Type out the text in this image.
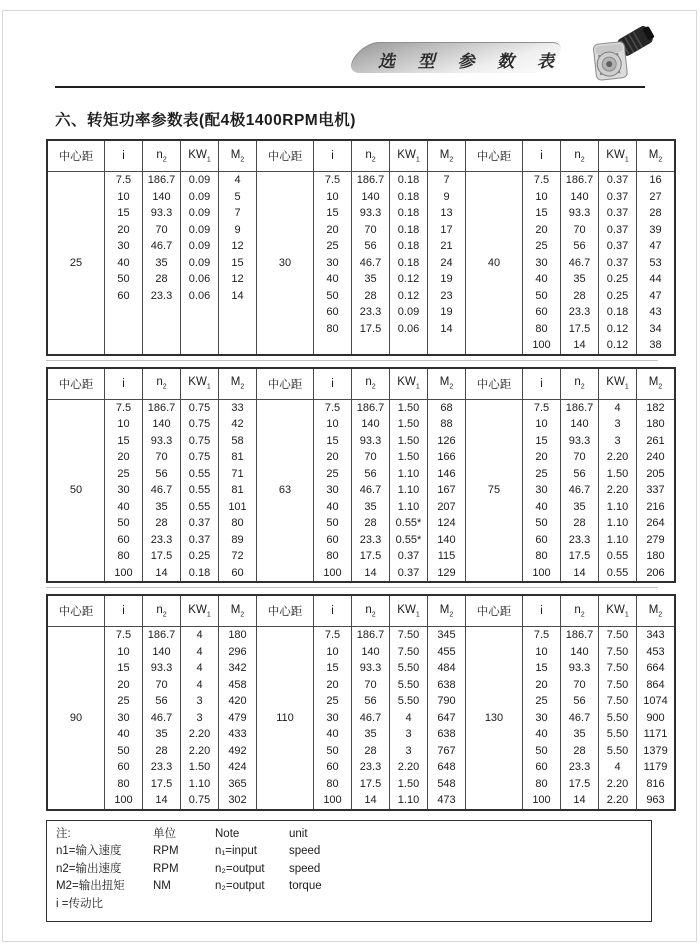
选 型 参 数 表
六、转矩功率参数表(配4极1400RPM电机)
中心距	i	$n_2$	$KW_1$	$M_2$	中心距	i	$n_2$	$KW_1$	$M_2$	中心距	i	$n_2$	$KW_1$	$M_2$
25	7.5	186.7	0.09	4	30	7.5	186.7	0.18	7	40	7.5	186.7	0.37	16
	10	140	0.09	5		10	140	0.18	9		10	140	0.37	27
	15	93.3	0.09	7		15	93.3	0.18	13		15	93.3	0.37	28
	20	70	0.09	9		20	70	0.18	17		20	70	0.37	39
	30	46.7	0.09	12		25	56	0.18	21		25	56	0.37	47
	40	35	0.09	15		30	46.7	0.18	24		30	46.7	0.37	53
	50	28	0.06	12		40	35	0.12	19		40	35	0.25	44
	60	23.3	0.06	14		50	28	0.12	23		50	28	0.25	47
						60	23.3	0.09	19		60	23.3	0.18	43
						80	17.5	0.06	14		80	17.5	0.12	34
											100	14	0.12	38
中心距	i	$n_2$	$KW_1$	$M_2$	中心距	i	$n_2$	$KW_1$	$M_2$	中心距	i	$n_2$	$KW_1$	$M_2$
50	7.5	186.7	0.75	33	63	7.5	186.7	1.50	68	75	7.5	186.7	4	182
	10	140	0.75	42		10	140	1.50	88		10	140	3	180
	15	93.3	0.75	58		15	93.3	1.50	126		15	93.3	3	261
	20	70	0.75	81		20	70	1.50	166		20	70	2.20	240
	25	56	0.55	71		25	56	1.10	146		25	56	1.50	205
	30	46.7	0.55	81		30	46.7	1.10	167		30	46.7	2.20	337
	40	35	0.55	101		40	35	1.10	207		40	35	1.10	216
	50	28	0.37	80		50	28	0.55*	124		50	28	1.10	264
	60	23.3	0.37	89		60	23.3	0.55*	140		60	23.3	1.10	279
	80	17.5	0.25	72		80	17.5	0.37	115		80	17.5	0.55	180
	100	14	0.18	60		100	14	0.37	129		100	14	0.55	206
中心距	i	$n_2$	$KW_1$	$M_2$	中心距	i	$n_2$	$KW_1$	$M_2$	中心距	i	$n_2$	$KW_1$	$M_2$
90	7.5	186.7	4	180	110	7.5	186.7	7.50	345	130	7.5	186.7	7.50	343
	10	140	4	296		10	140	7.50	455		10	140	7.50	453
	15	93.3	4	342		15	93.3	5.50	484		15	93.3	7.50	664
	20	70	4	458		20	70	5.50	638		20	70	7.50	864
	25	56	3	420		25	56	5.50	790		25	56	7.50	1074
	30	46.7	3	479		30	46.7	4	647		30	46.7	5.50	900
	40	35	2.20	433		40	35	3	638		40	35	5.50	1171
	50	28	2.20	492		50	28	3	767		50	28	5.50	1379
	60	23.3	1.50	424		60	23.3	2.20	648		60	23.3	4	1179
	80	17.5	1.10	365		80	17.5	1.50	548		80	17.5	2.20	816
	100	14	0.75	302		100	14	1.10	473		100	14	2.20	963
注:	单位	Note	unit
n1=输入速度	RPM	n₁=input	speed
n2=输出速度	RPM	n₂=output	speed
M2=输出扭矩	NM	n₂=output	torque
i =传动比
